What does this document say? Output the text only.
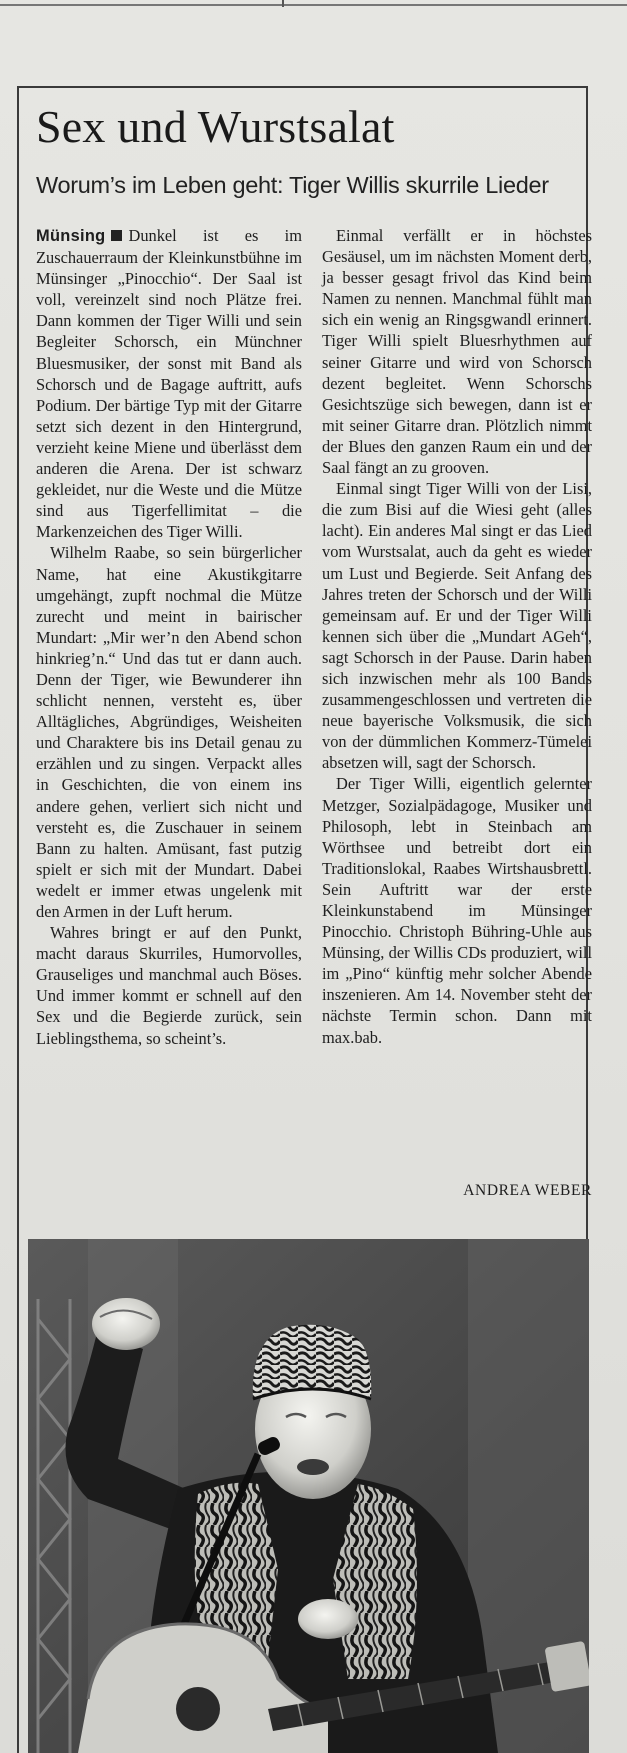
Sex und Wurstsalat
Worum’s im Leben geht: Tiger Willis skurrile Lieder

Münsing Dunkel ist es im Zuschauerraum der Kleinkunstbühne im Münsinger „Pinocchio“. Der Saal ist voll, vereinzelt sind noch Plätze frei. Dann kommen der Tiger Willi und sein Begleiter Schorsch, ein Münchner Bluesmusiker, der sonst mit Band als Schorsch und de Bagage auftritt, aufs Podium. Der bärtige Typ mit der Gitarre setzt sich dezent in den Hintergrund, verzieht keine Miene und überlässt dem anderen die Arena. Der ist schwarz gekleidet, nur die Weste und die Mütze sind aus Tigerfellimitat – die Markenzeichen des Tiger Willi.

Wilhelm Raabe, so sein bürgerlicher Name, hat eine Akustikgitarre umgehängt, zupft nochmal die Mütze zurecht und meint in bairischer Mundart: „Mir wer’n den Abend schon hinkrieg’n.“ Und das tut er dann auch. Denn der Tiger, wie Bewunderer ihn schlicht nennen, versteht es, über Alltägliches, Abgründiges, Weisheiten und Charaktere bis ins Detail genau zu erzählen und zu singen. Verpackt alles in Geschichten, die von einem ins andere gehen, verliert sich nicht und versteht es, die Zuschauer in seinem Bann zu halten. Amüsant, fast putzig spielt er sich mit der Mundart. Dabei wedelt er immer etwas ungelenk mit den Armen in der Luft herum.

Wahres bringt er auf den Punkt, macht daraus Skurriles, Humorvolles, Grauseliges und manchmal auch Böses. Und immer kommt er schnell auf den Sex und die Begierde zurück, sein Lieblingsthema, so scheint’s.

Einmal verfällt er in höchstes Gesäusel, um im nächsten Moment derb, ja besser gesagt frivol das Kind beim Namen zu nennen. Manchmal fühlt man sich ein wenig an Ringsgwandl erinnert. Tiger Willi spielt Bluesrhythmen auf seiner Gitarre und wird von Schorsch dezent begleitet. Wenn Schorschs Gesichtszüge sich bewegen, dann ist er mit seiner Gitarre dran. Plötzlich nimmt der Blues den ganzen Raum ein und der Saal fängt an zu grooven.

Einmal singt Tiger Willi von der Lisi, die zum Bisi auf die Wiesi geht (alles lacht). Ein anderes Mal singt er das Lied vom Wurstsalat, auch da geht es wieder um Lust und Begierde. Seit Anfang des Jahres treten der Schorsch und der Willi gemeinsam auf. Er und der Tiger Willi kennen sich über die „Mundart AGeh“, sagt Schorsch in der Pause. Darin haben sich inzwischen mehr als 100 Bands zusammengeschlossen und vertreten die neue bayerische Volksmusik, die sich von der dümmlichen Kommerz-Tümelei absetzen will, sagt der Schorsch.

Der Tiger Willi, eigentlich gelernter Metzger, Sozialpädagoge, Musiker und Philosoph, lebt in Steinbach am Wörthsee und betreibt dort ein Traditionslokal, Raabes Wirtshausbrettl. Sein Auftritt war der erste Kleinkunstabend im Münsinger Pinocchio. Christoph Bühring-Uhle aus Münsing, der Willis CDs produziert, will im „Pino“ künftig mehr solcher Abende inszenieren. Am 14. November steht der nächste Termin schon. Dann mit max.bab.

ANDREA WEBER
